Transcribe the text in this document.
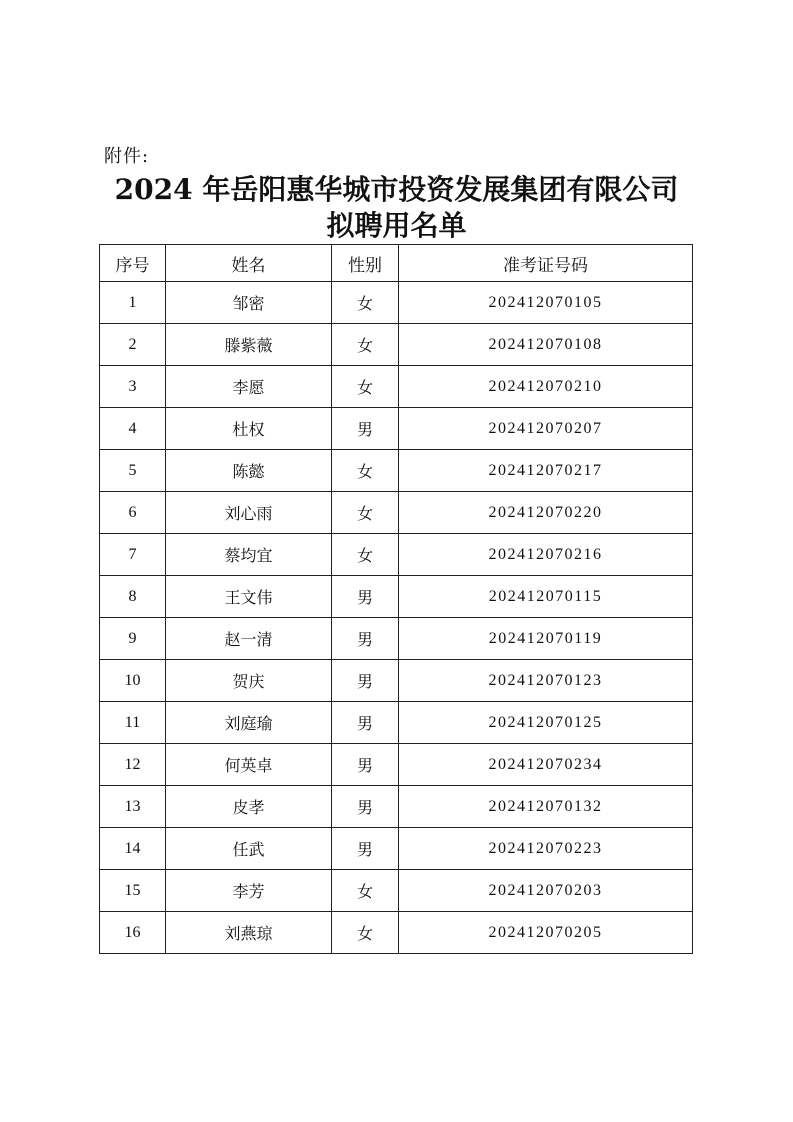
附件:
2024 年岳阳惠华城市投资发展集团有限公司
拟聘用名单
序号	姓名	性别	准考证号码
1	邹密	女	202412070105
2	滕紫薇	女	202412070108
3	李愿	女	202412070210
4	杜权	男	202412070207
5	陈懿	女	202412070217
6	刘心雨	女	202412070220
7	蔡均宜	女	202412070216
8	王文伟	男	202412070115
9	赵一清	男	202412070119
10	贺庆	男	202412070123
11	刘庭瑜	男	202412070125
12	何英卓	男	202412070234
13	皮孝	男	202412070132
14	任武	男	202412070223
15	李芳	女	202412070203
16	刘燕琼	女	202412070205
